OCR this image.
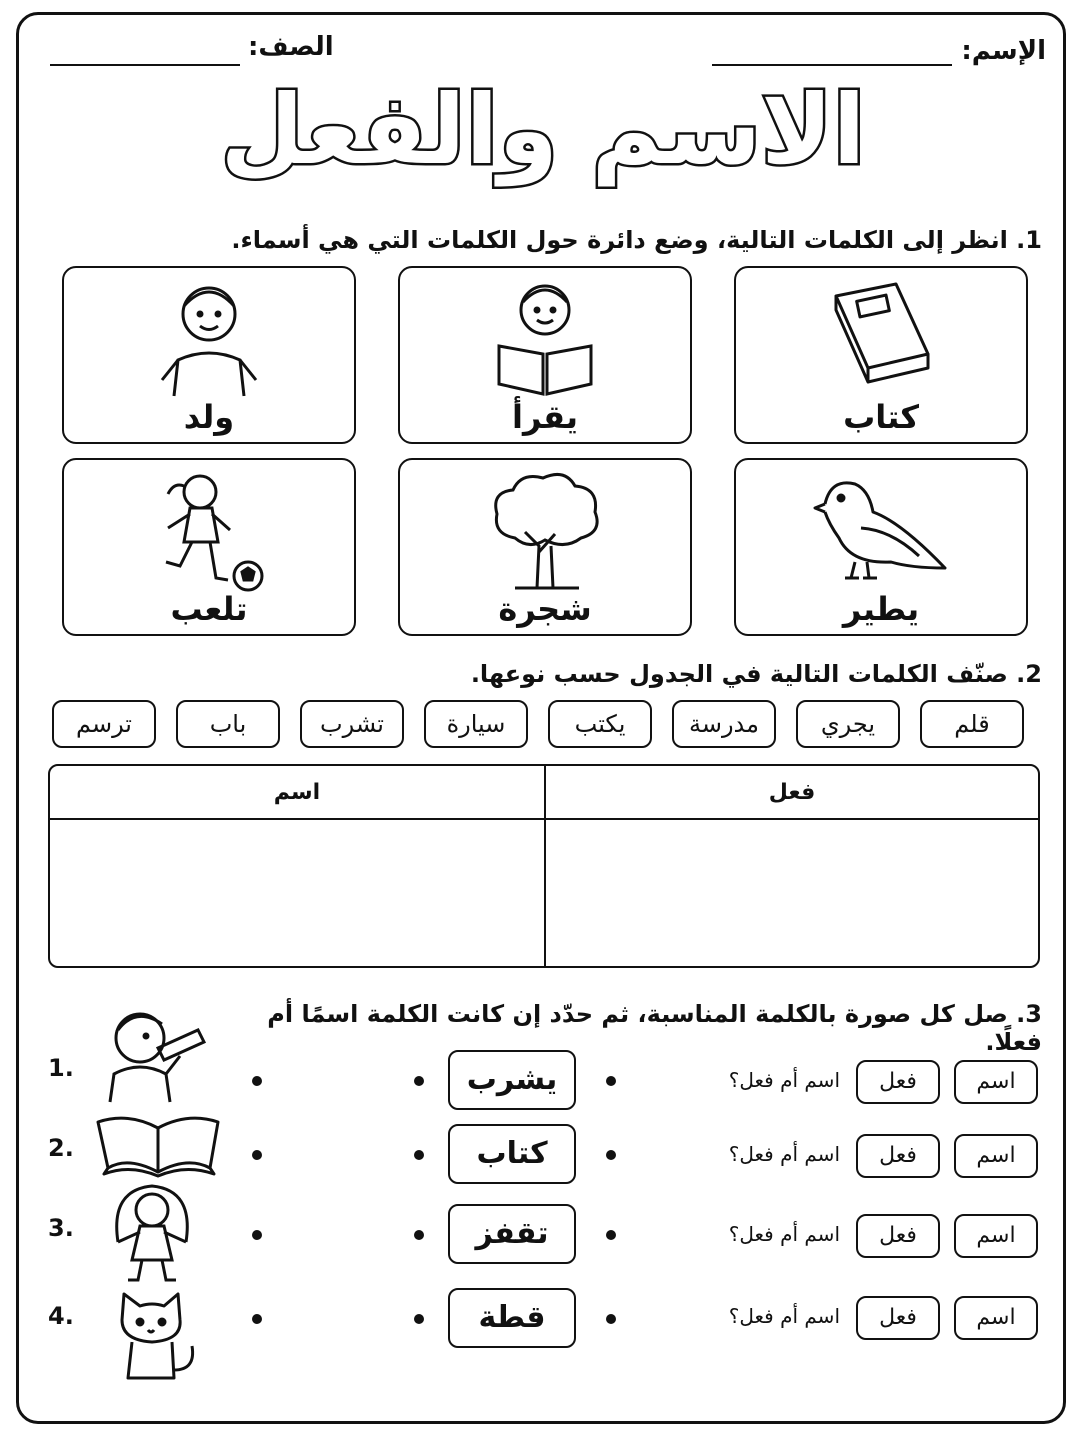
الإسم:
الصف:
الاسم والفعل
1. انظر إلى الكلمات التالية، وضع دائرة حول الكلمات التي هي أسماء.
كتاب
يقرأ
ولد
يطير
شجرة
تلعب
2. صنّف الكلمات التالية في الجدول حسب نوعها.
قلم
يجري
مدرسة
يكتب
سيارة
تشرب
باب
ترسم
فعل
اسم
3. صل كل صورة بالكلمة المناسبة، ثم حدّد إن كانت الكلمة اسمًا أم فعلًا.
1.	يشرب	اسم أم فعل؟	فعل	اسم
2.	كتاب	اسم أم فعل؟	فعل	اسم
3.	تقفز	اسم أم فعل؟	فعل	اسم
4.	قطة	اسم أم فعل؟	فعل	اسم
